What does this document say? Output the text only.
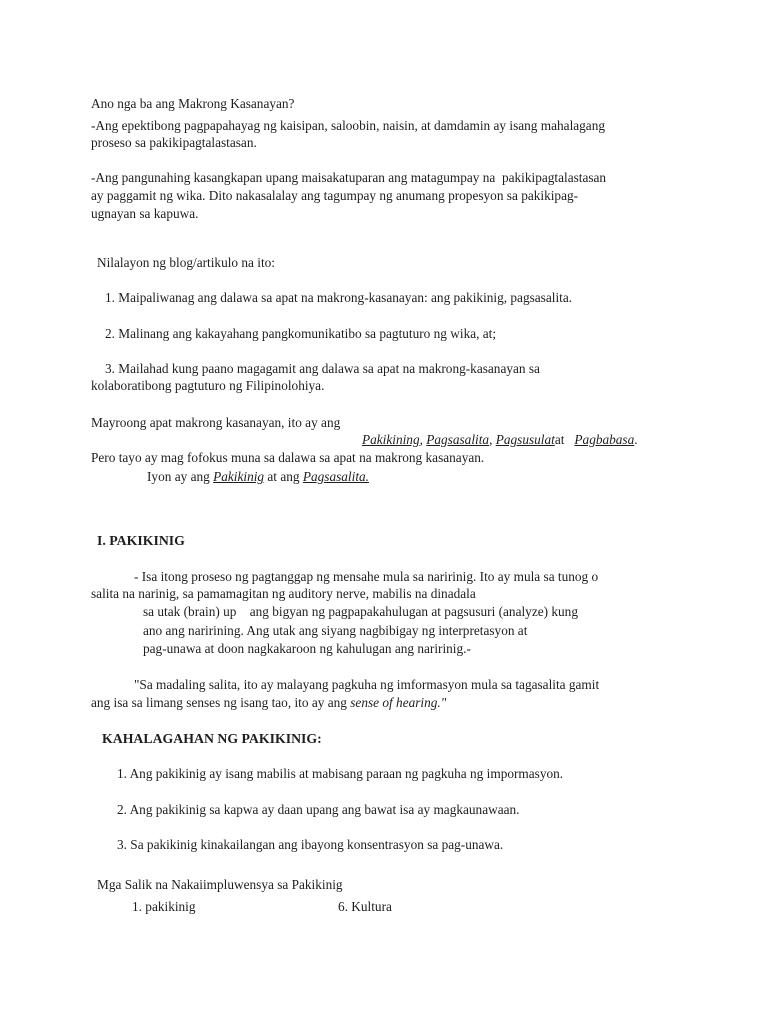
Ano nga ba ang Makrong Kasanayan?
-Ang epektibong pagpapahayag ng kaisipan, saloobin, naisin, at damdamin ay isang mahalagang
proseso sa pakikipagtalastasan.
-Ang pangunahing kasangkapan upang maisakatuparan ang matagumpay na  pakikipagtalastasan
ay paggamit ng wika. Dito nakasalalay ang tagumpay ng anumang propesyon sa pakikipag-
ugnayan sa kapuwa.
Nilalayon ng blog/artikulo na ito:
1. Maipaliwanag ang dalawa sa apat na makrong-kasanayan: ang pakikinig, pagsasalita.
2. Malinang ang kakayahang pangkomunikatibo sa pagtuturo ng wika, at;
3. Mailahad kung paano magagamit ang dalawa sa apat na makrong-kasanayan sa
kolaboratibong pagtuturo ng Filipinolohiya.
Mayroong apat makrong kasanayan, ito ay ang
Pakikining, Pagsasalita, Pagsusulatat Pagbabasa.
Pero tayo ay mag fofokus muna sa dalawa sa apat na makrong kasanayan.
Iyon ay ang Pakikinig at ang Pagsasalita.
I. PAKIKINIG
- Isa itong proseso ng pagtanggap ng mensahe mula sa naririnig. Ito ay mula sa tunog o
salita na narinig, sa pamamagitan ng auditory nerve, mabilis na dinadala
sa utak (brain) up    ang bigyan ng pagpapakahulugan at pagsusuri (analyze) kung
ano ang naririning. Ang utak ang siyang nagbibigay ng interpretasyon at
pag-unawa at doon nagkakaroon ng kahulugan ang naririnig.-
"Sa madaling salita, ito ay malayang pagkuha ng imformasyon mula sa tagasalita gamit
ang isa sa limang senses ng isang tao, ito ay ang sense of hearing."
KAHALAGAHAN NG PAKIKINIG:
1. Ang pakikinig ay isang mabilis at mabisang paraan ng pagkuha ng impormasyon.
2. Ang pakikinig sa kapwa ay daan upang ang bawat isa ay magkaunawaan.
3. Sa pakikinig kinakailangan ang ibayong konsentrasyon sa pag-unawa.
Mga Salik na Nakaiimpluwensya sa Pakikinig
1. pakikinig	6. Kultura
